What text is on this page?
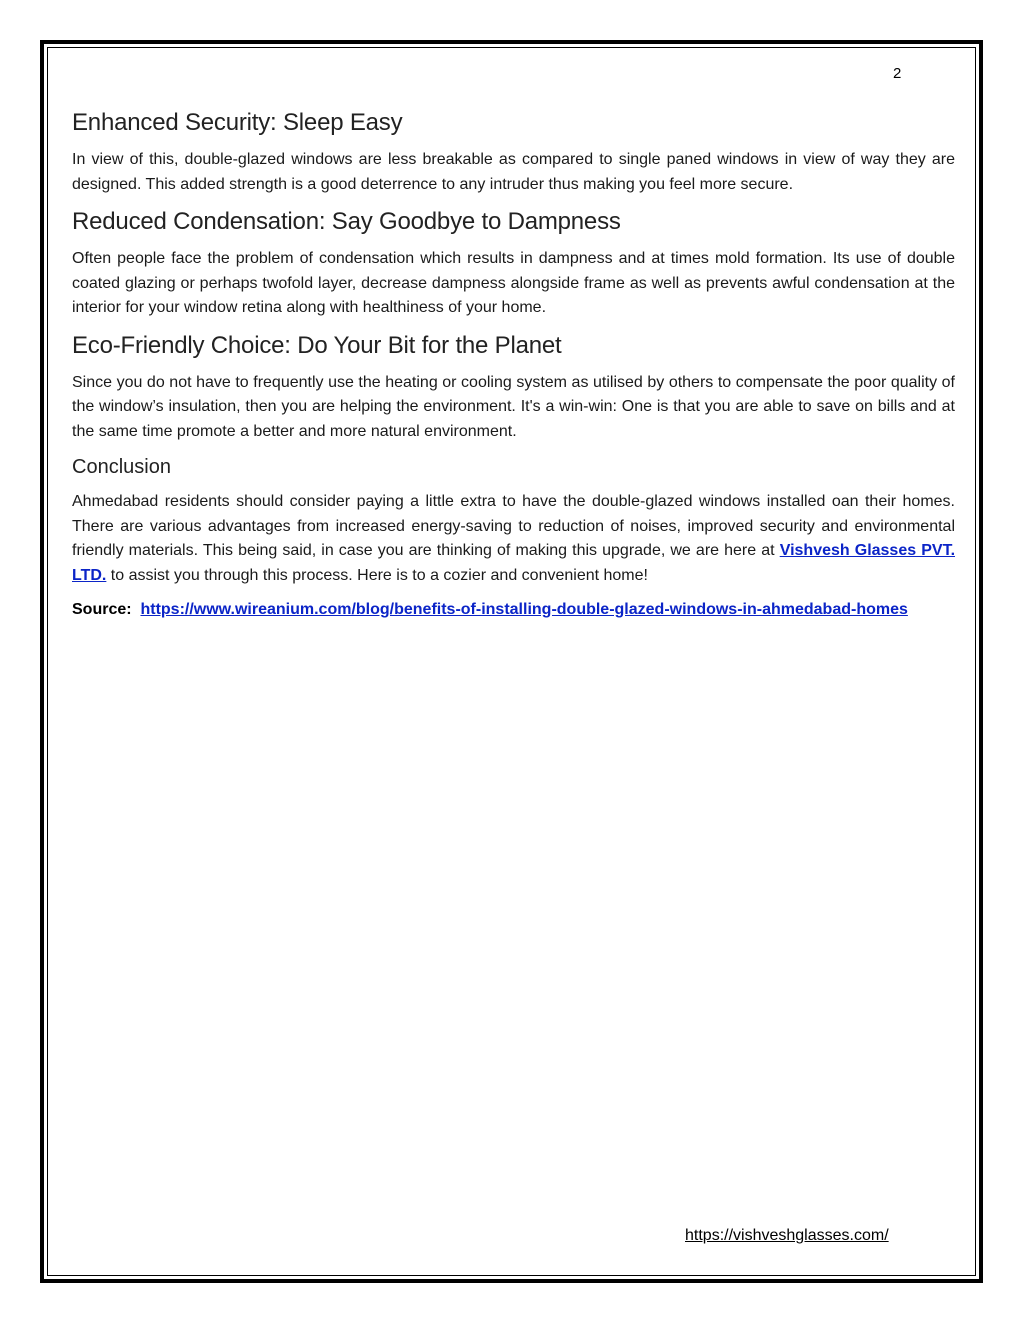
2
Enhanced Security: Sleep Easy

In view of this, double-glazed windows are less breakable as compared to single paned windows in view of way they are designed. This added strength is a good deterrence to any intruder thus making you feel more secure.

Reduced Condensation: Say Goodbye to Dampness

Often people face the problem of condensation which results in dampness and at times mold formation. Its use of double coated glazing or perhaps twofold layer, decrease dampness alongside frame as well as prevents awful condensation at the interior for your window retina along with healthiness of your home.

Eco-Friendly Choice: Do Your Bit for the Planet

Since you do not have to frequently use the heating or cooling system as utilised by others to compensate the poor quality of the window’s insulation, then you are helping the environment. It's a win-win: One is that you are able to save on bills and at the same time promote a better and more natural environment.

Conclusion

Ahmedabad residents should consider paying a little extra to have the double-glazed windows installed oan their homes. There are various advantages from increased energy-saving to reduction of noises, improved security and environmental friendly materials. This being said, in case you are thinking of making this upgrade, we are here at Vishvesh Glasses PVT. LTD. to assist you through this process. Here is to a cozier and convenient home!

Source: https://www.wireanium.com/blog/benefits-of-installing-double-glazed-windows-in-ahmedabad-homes

https://vishveshglasses.com/
